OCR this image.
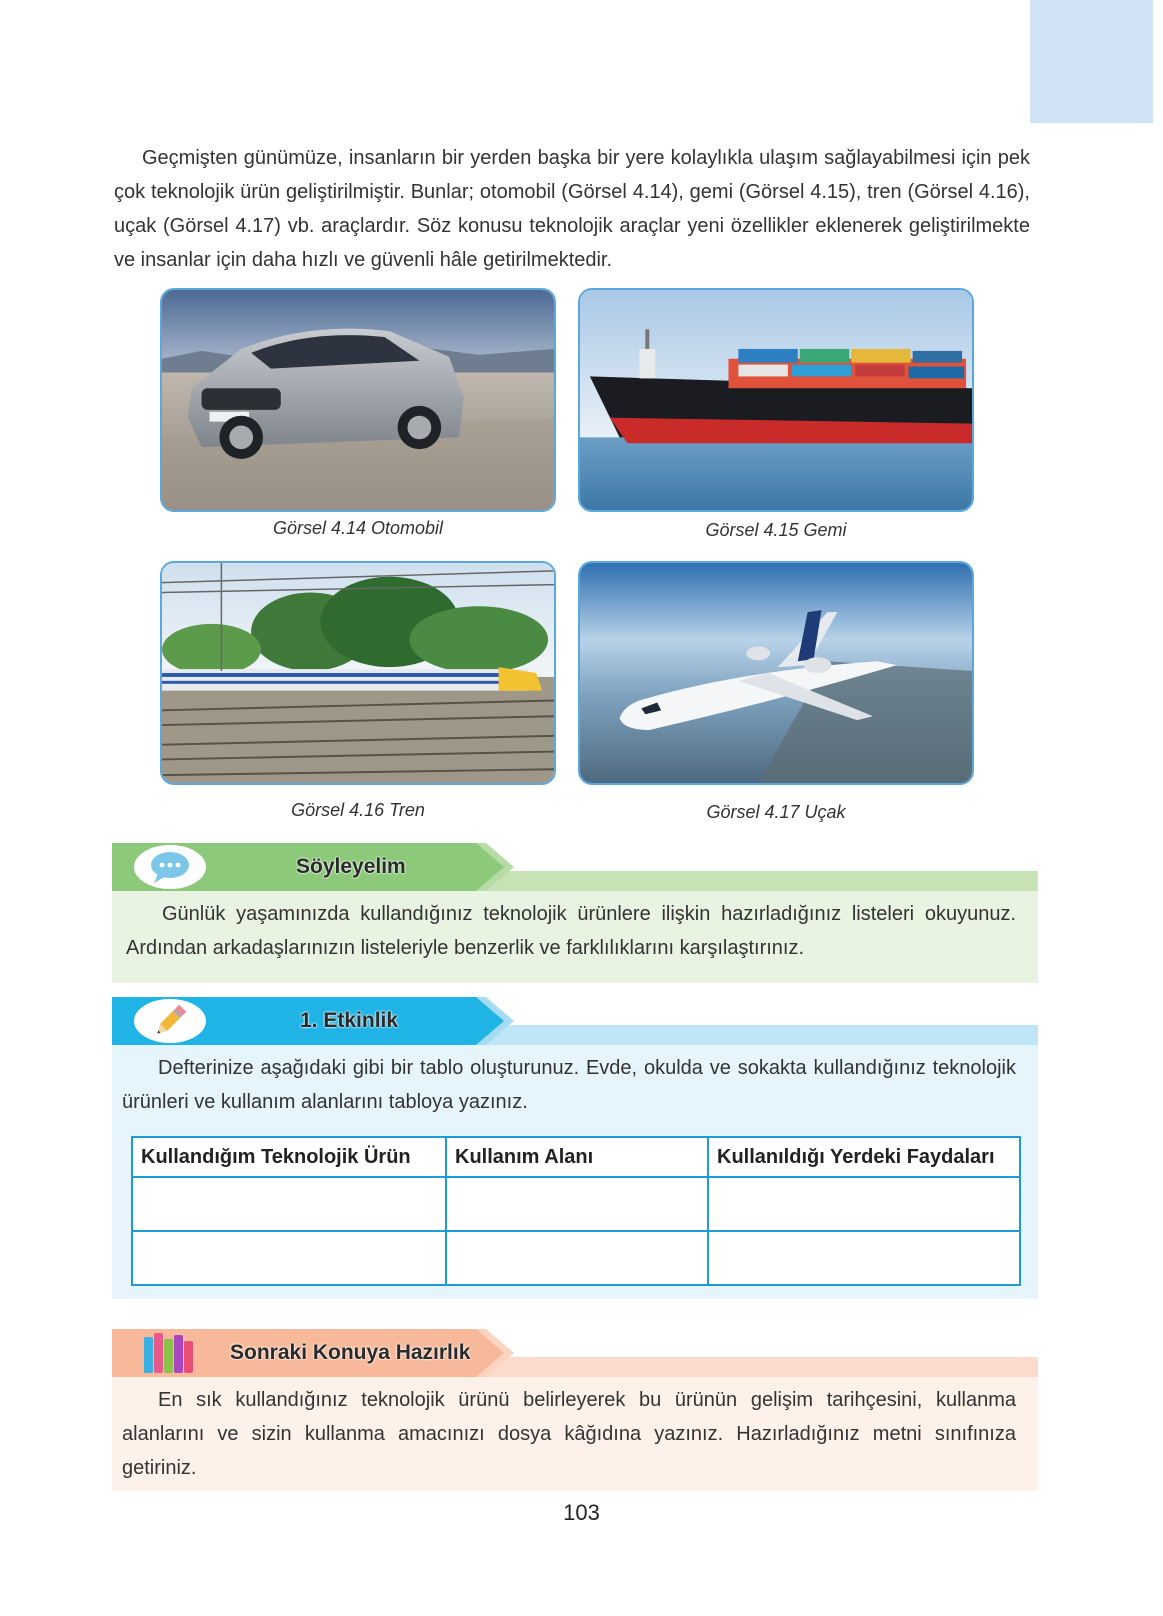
Geçmişten günümüze, insanların bir yerden başka bir yere kolaylıkla ulaşım sağlayabilmesi için pek çok teknolojik ürün geliştirilmiştir. Bunlar; otomobil (Görsel 4.14), gemi (Görsel 4.15), tren (Görsel 4.16), uçak (Görsel 4.17) vb. araçlardır. Söz konusu teknolojik araçlar yeni özellikler eklenerek geliştirilmekte ve insanlar için daha hızlı ve güvenli hâle getirilmektedir.

Görsel 4.14 Otomobil	Görsel 4.15 Gemi
Görsel 4.16 Tren	Görsel 4.17 Uçak
Söyleyelim

Günlük yaşamınızda kullandığınız teknolojik ürünlere ilişkin hazırladığınız listeleri okuyunuz. Ardından arkadaşlarınızın listeleriyle benzerlik ve farklılıklarını karşılaştırınız.

1. Etkinlik

Defterinize aşağıdaki gibi bir tablo oluşturunuz. Evde, okulda ve sokakta kullandığınız teknolojik ürünleri ve kullanım alanlarını tabloya yazınız.

Kullandığım Teknolojik Ürün	Kullanım Alanı	Kullanıldığı Yerdeki Faydaları

Sonraki Konuya Hazırlık

En sık kullandığınız teknolojik ürünü belirleyerek bu ürünün gelişim tarihçesini, kullanma alanlarını ve sizin kullanma amacınızı dosya kâğıdına yazınız. Hazırladığınız metni sınıfınıza getiriniz.

103
